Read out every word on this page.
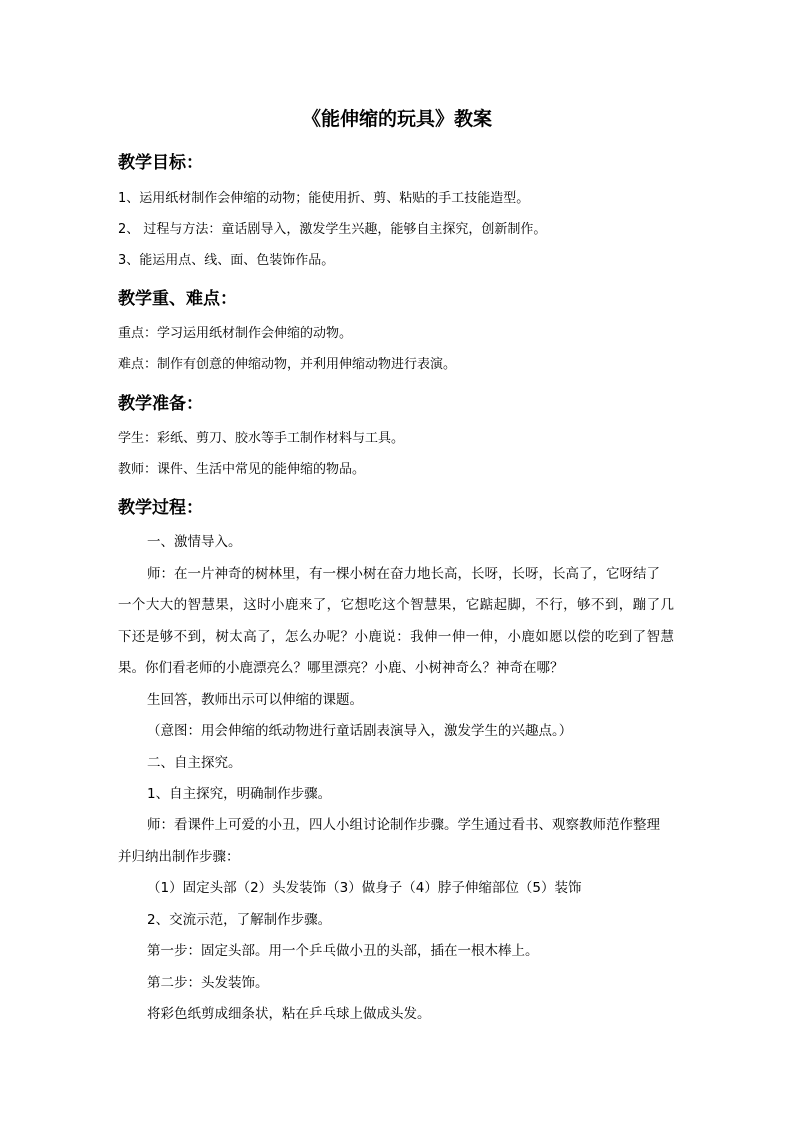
《能伸缩的玩具》教案
教学目标：
1、运用纸材制作会伸缩的动物；能使用折、剪、粘贴的手工技能造型。
2、 过程与方法：童话剧导入，激发学生兴趣，能够自主探究，创新制作。
3、能运用点、线、面、色装饰作品。
教学重、难点：
重点：学习运用纸材制作会伸缩的动物。
难点：制作有创意的伸缩动物，并利用伸缩动物进行表演。
教学准备：
学生：彩纸、剪刀、胶水等手工制作材料与工具。
教师：课件、生活中常见的能伸缩的物品。
教学过程：
一、激情导入。
师：在一片神奇的树林里，有一棵小树在奋力地长高，长呀，长呀，长高了，它呀结了
一个大大的智慧果，这时小鹿来了，它想吃这个智慧果，它踮起脚，不行，够不到，蹦了几
下还是够不到，树太高了，怎么办呢？小鹿说：我伸一伸一伸，小鹿如愿以偿的吃到了智慧
果。你们看老师的小鹿漂亮么？哪里漂亮？小鹿、小树神奇么？神奇在哪？
生回答，教师出示可以伸缩的课题。
（意图：用会伸缩的纸动物进行童话剧表演导入，激发学生的兴趣点。）
二、自主探究。
1、自主探究，明确制作步骤。
师：看课件上可爱的小丑，四人小组讨论制作步骤。学生通过看书、观察教师范作整理
并归纳出制作步骤：
（1）固定头部（2）头发装饰（3）做身子（4）脖子伸缩部位（5）装饰
2、交流示范，了解制作步骤。
第一步：固定头部。用一个乒乓做小丑的头部，插在一根木棒上。
第二步：头发装饰。
将彩色纸剪成细条状，粘在乒乓球上做成头发。
